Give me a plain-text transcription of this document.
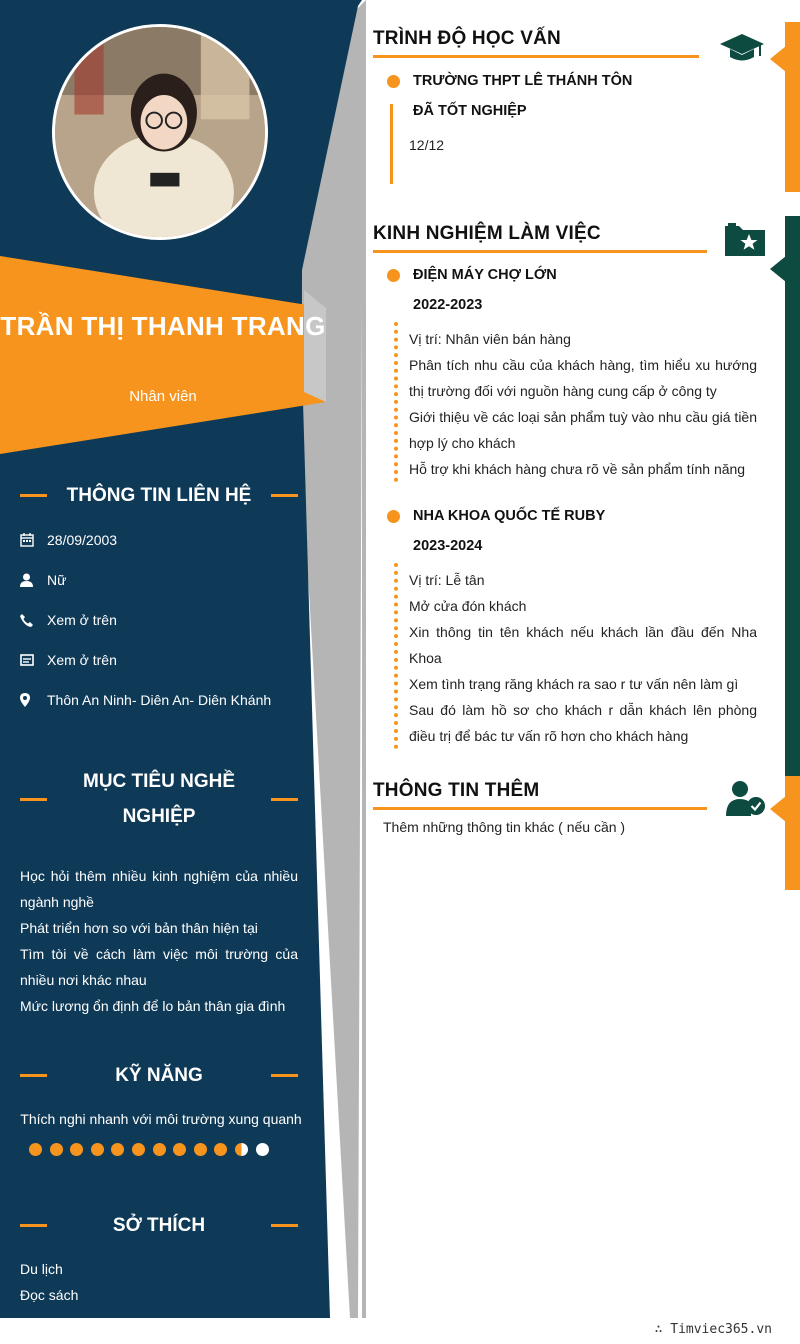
TRẦN THỊ THANH TRANG
Nhân viên
THÔNG TIN LIÊN HỆ
28/09/2003
Nữ
Xem ở trên
Xem ở trên
Thôn An Ninh- Diên An- Diên Khánh
MỤC TIÊU NGHỀ NGHIỆP
Học hỏi thêm nhiều kinh nghiệm của nhiều ngành nghề
Phát triển hơn so với bản thân hiện tại
Tìm tòi về cách làm việc môi trường của nhiều nơi khác nhau
Mức lương ổn định để lo bản thân gia đình
KỸ NĂNG
Thích nghi nhanh với môi trường xung quanh
SỞ THÍCH
Du lịch
Đọc sách
TRÌNH ĐỘ HỌC VẤN
TRƯỜNG THPT LÊ THÁNH TÔN
ĐÃ TỐT NGHIỆP
12/12
KINH NGHIỆM LÀM VIỆC
ĐIỆN MÁY CHỢ LỚN
2022-2023
Vị trí: Nhân viên bán hàng
Phân tích nhu cầu của khách hàng, tìm hiểu xu hướng thị trường đối với nguồn hàng cung cấp ở công ty
Giới thiệu về các loại sản phẩm tuỳ vào nhu cầu giá tiền hợp lý cho khách
Hỗ trợ khi khách hàng chưa rõ về sản phẩm tính năng
NHA KHOA QUỐC TẾ RUBY
2023-2024
Vị trí: Lễ tân
Mở cửa đón khách
Xin thông tin tên khách nếu khách lần đầu đến Nha Khoa
Xem tình trạng răng khách ra sao r tư vấn nên làm gì
Sau đó làm hồ sơ cho khách r dẫn khách lên phòng điều trị để bác tư vấn rõ hơn cho khách hàng
THÔNG TIN THÊM
Thêm những thông tin khác ( nếu cần )
∴ Timviec365.vn
